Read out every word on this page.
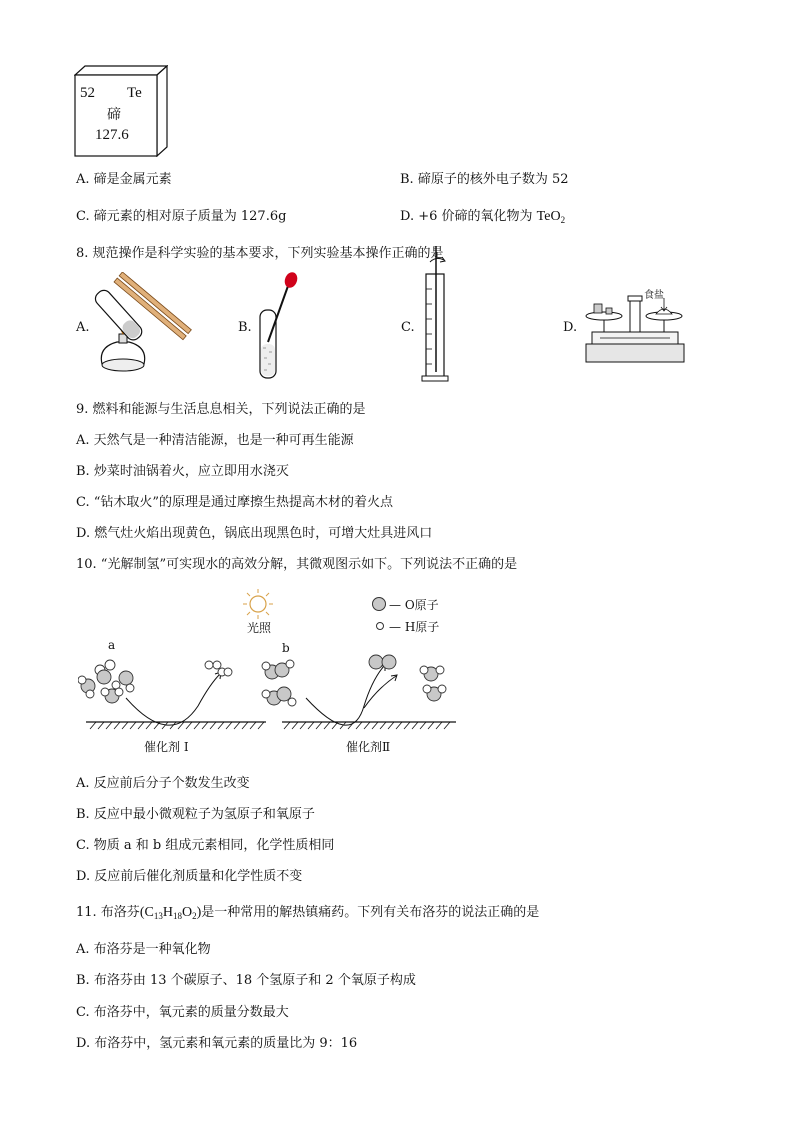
52 Te
碲
127.6
A. 碲是金属元素	B. 碲原子的核外电子数为 52
C. 碲元素的相对原子质量为 127.6g	D. +6 价碲的氧化物为 TeO$_2$
8. 规范操作是科学实验的基本要求，下列实验基本操作正确的是
A.	B.	C.	D.
食盐
9. 燃料和能源与生活息息相关，下列说法正确的是
A. 天然气是一种清洁能源，也是一种可再生能源
B. 炒菜时油锅着火，应立即用水浇灭
C. “钻木取火”的原理是通过摩擦生热提高木材的着火点
D. 燃气灶火焰出现黄色，锅底出现黑色时，可增大灶具进风口
10. “光解制氢”可实现水的高效分解，其微观图示如下。下列说法不正确的是
光照
— O原子
— H原子
a	b
催化剂 I	催化剂Ⅱ
A. 反应前后分子个数发生改变
B. 反应中最小微观粒子为氢原子和氧原子
C. 物质 a 和 b 组成元素相同，化学性质相同
D. 反应前后催化剂质量和化学性质不变
11. 布洛芬$(C_{13}H_{18}O_2)$是一种常用的解热镇痛药。下列有关布洛芬的说法正确的是
A. 布洛芬是一种氧化物
B. 布洛芬由 13 个碳原子、18 个氢原子和 2 个氧原子构成
C. 布洛芬中，氧元素的质量分数最大
D. 布洛芬中，氢元素和氧元素的质量比为 9：16
